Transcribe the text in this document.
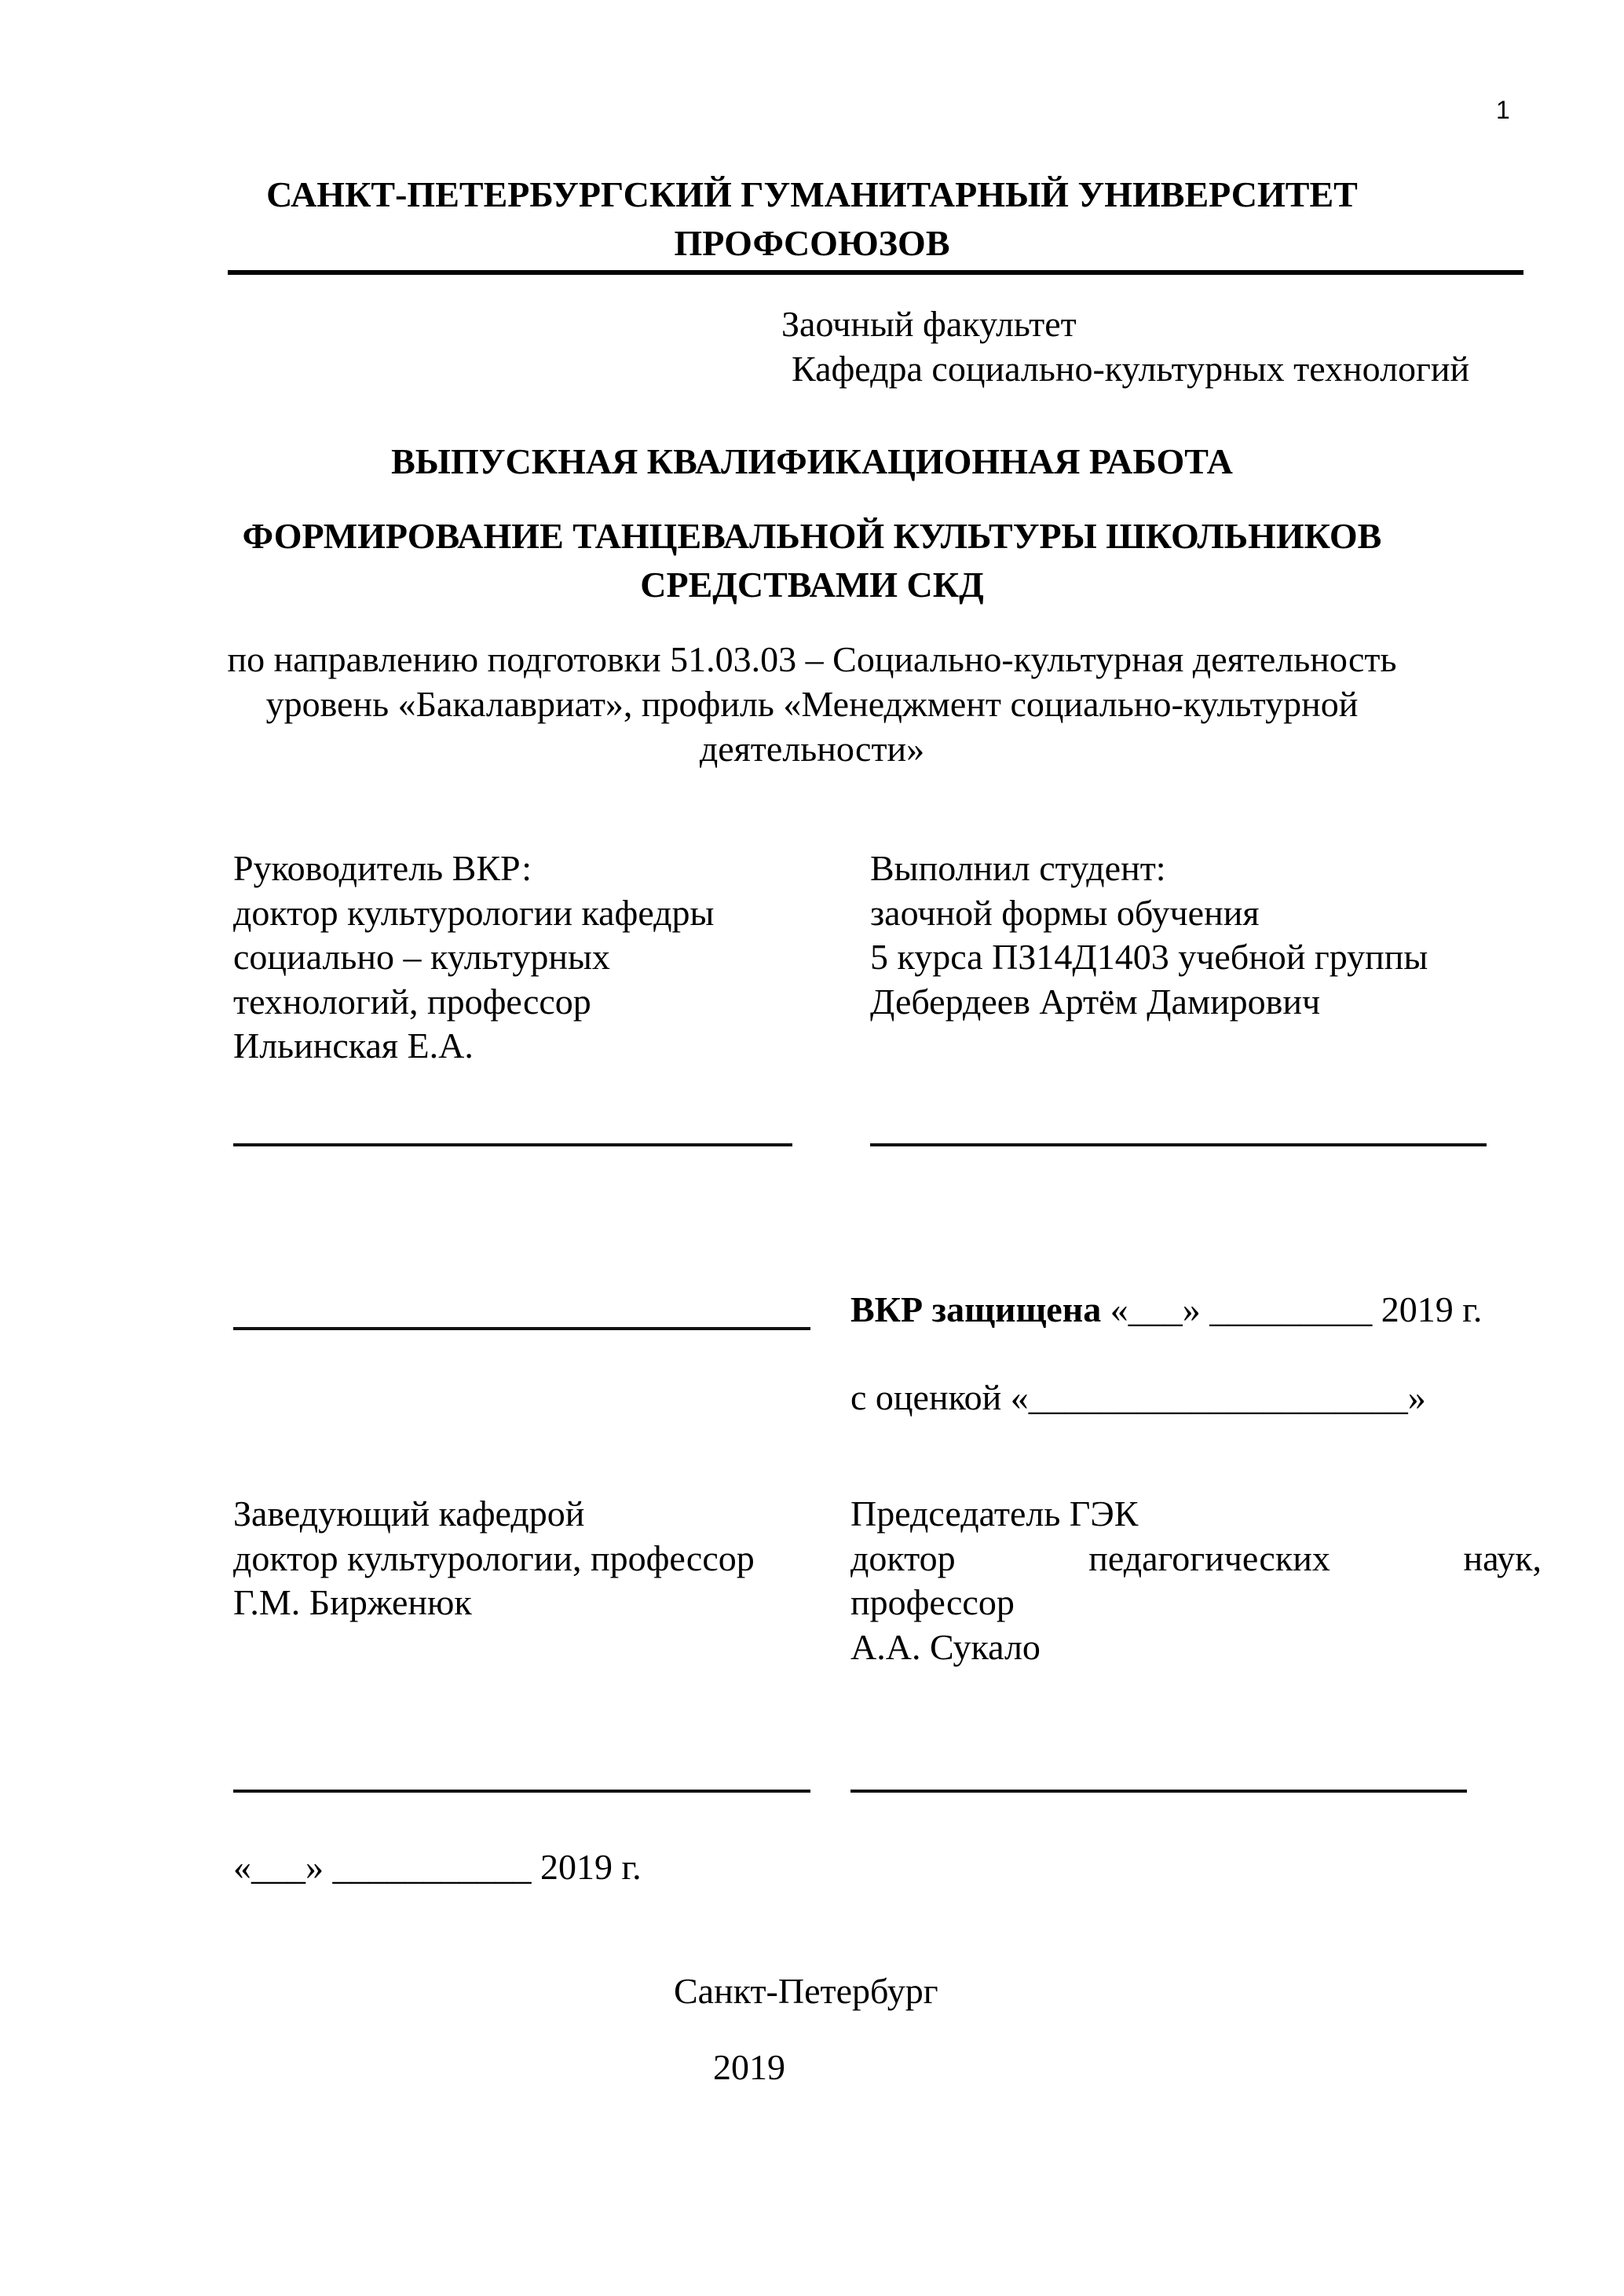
1
САНКТ-ПЕТЕРБУРГСКИЙ ГУМАНИТАРНЫЙ УНИВЕРСИТЕТ
ПРОФСОЮЗОВ
Заочный факультет
Кафедра социально-культурных технологий
ВЫПУСКНАЯ КВАЛИФИКАЦИОННАЯ РАБОТА
ФОРМИРОВАНИЕ ТАНЦЕВАЛЬНОЙ КУЛЬТУРЫ ШКОЛЬНИКОВ
СРЕДСТВАМИ СКД
по направлению подготовки 51.03.03 – Социально-культурная деятельность
уровень «Бакалавриат», профиль «Менеджмент социально-культурной
деятельности»
Руководитель ВКР:
доктор культурологии кафедры
социально – культурных
технологий, профессор
Ильинская Е.А.
Выполнил студент:
заочной формы обучения
5 курса ПЗ14Д1403 учебной группы
Дебердеев Артём Дамирович
ВКР защищена «___» _________ 2019 г.
с оценкой «_____________________»
Заведующий кафедрой
доктор культурологии, профессор
Г.М. Бирженюк
Председатель ГЭК
доктор	педагогических	наук,
профессор
А.А. Сукало
«___» ___________ 2019 г.
Санкт-Петербург
2019
